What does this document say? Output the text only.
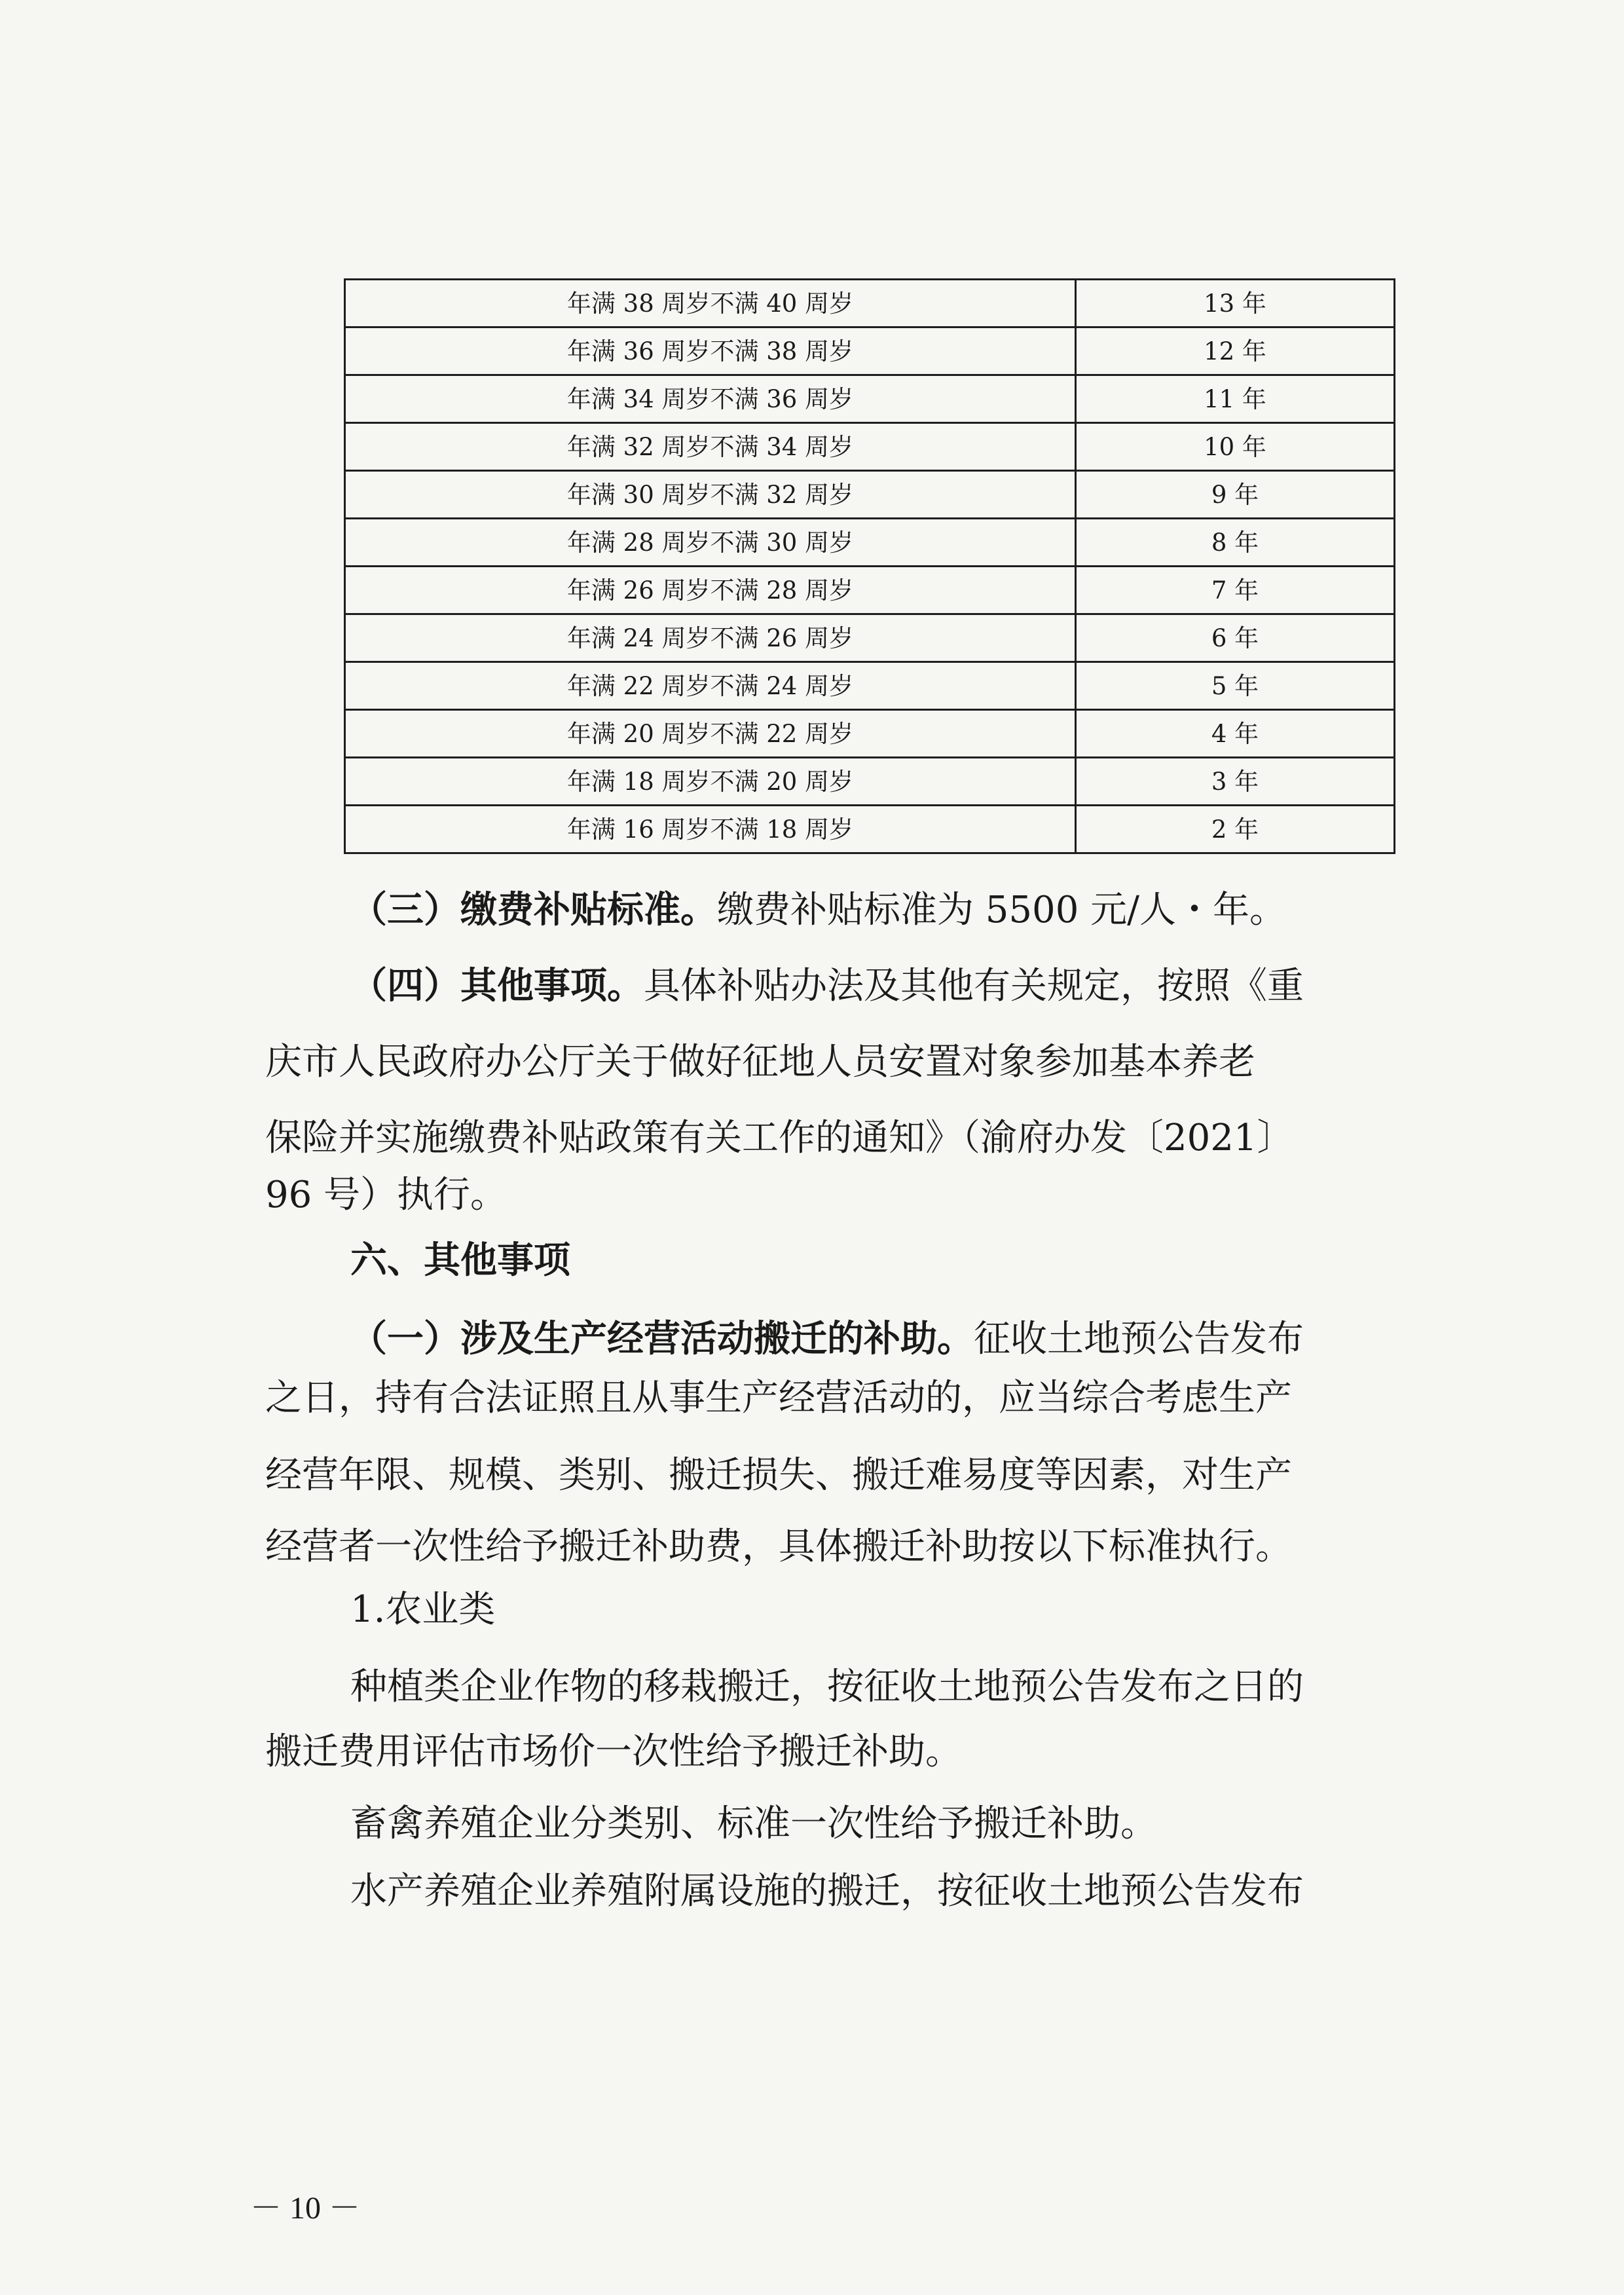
年满 38 周岁不满 40 周岁	13 年
年满 36 周岁不满 38 周岁	12 年
年满 34 周岁不满 36 周岁	11 年
年满 32 周岁不满 34 周岁	10 年
年满 30 周岁不满 32 周岁	9 年
年满 28 周岁不满 30 周岁	8 年
年满 26 周岁不满 28 周岁	7 年
年满 24 周岁不满 26 周岁	6 年
年满 22 周岁不满 24 周岁	5 年
年满 20 周岁不满 22 周岁	4 年
年满 18 周岁不满 20 周岁	3 年
年满 16 周岁不满 18 周岁	2 年

（三）缴费补贴标准。缴费补贴标准为 5500 元/人・年。

（四）其他事项。具体补贴办法及其他有关规定，按照《重

庆市人民政府办公厅关于做好征地人员安置对象参加基本养老

保险并实施缴费补贴政策有关工作的通知》（渝府办发〔2021〕

96 号）执行。

六、其他事项

（一）涉及生产经营活动搬迁的补助。征收土地预公告发布

之日，持有合法证照且从事生产经营活动的，应当综合考虑生产

经营年限、规模、类别、搬迁损失、搬迁难易度等因素，对生产

经营者一次性给予搬迁补助费，具体搬迁补助按以下标准执行。

1.农业类

种植类企业作物的移栽搬迁，按征收土地预公告发布之日的

搬迁费用评估市场价一次性给予搬迁补助。

畜禽养殖企业分类别、标准一次性给予搬迁补助。

水产养殖企业养殖附属设施的搬迁，按征收土地预公告发布

－ 10 －
